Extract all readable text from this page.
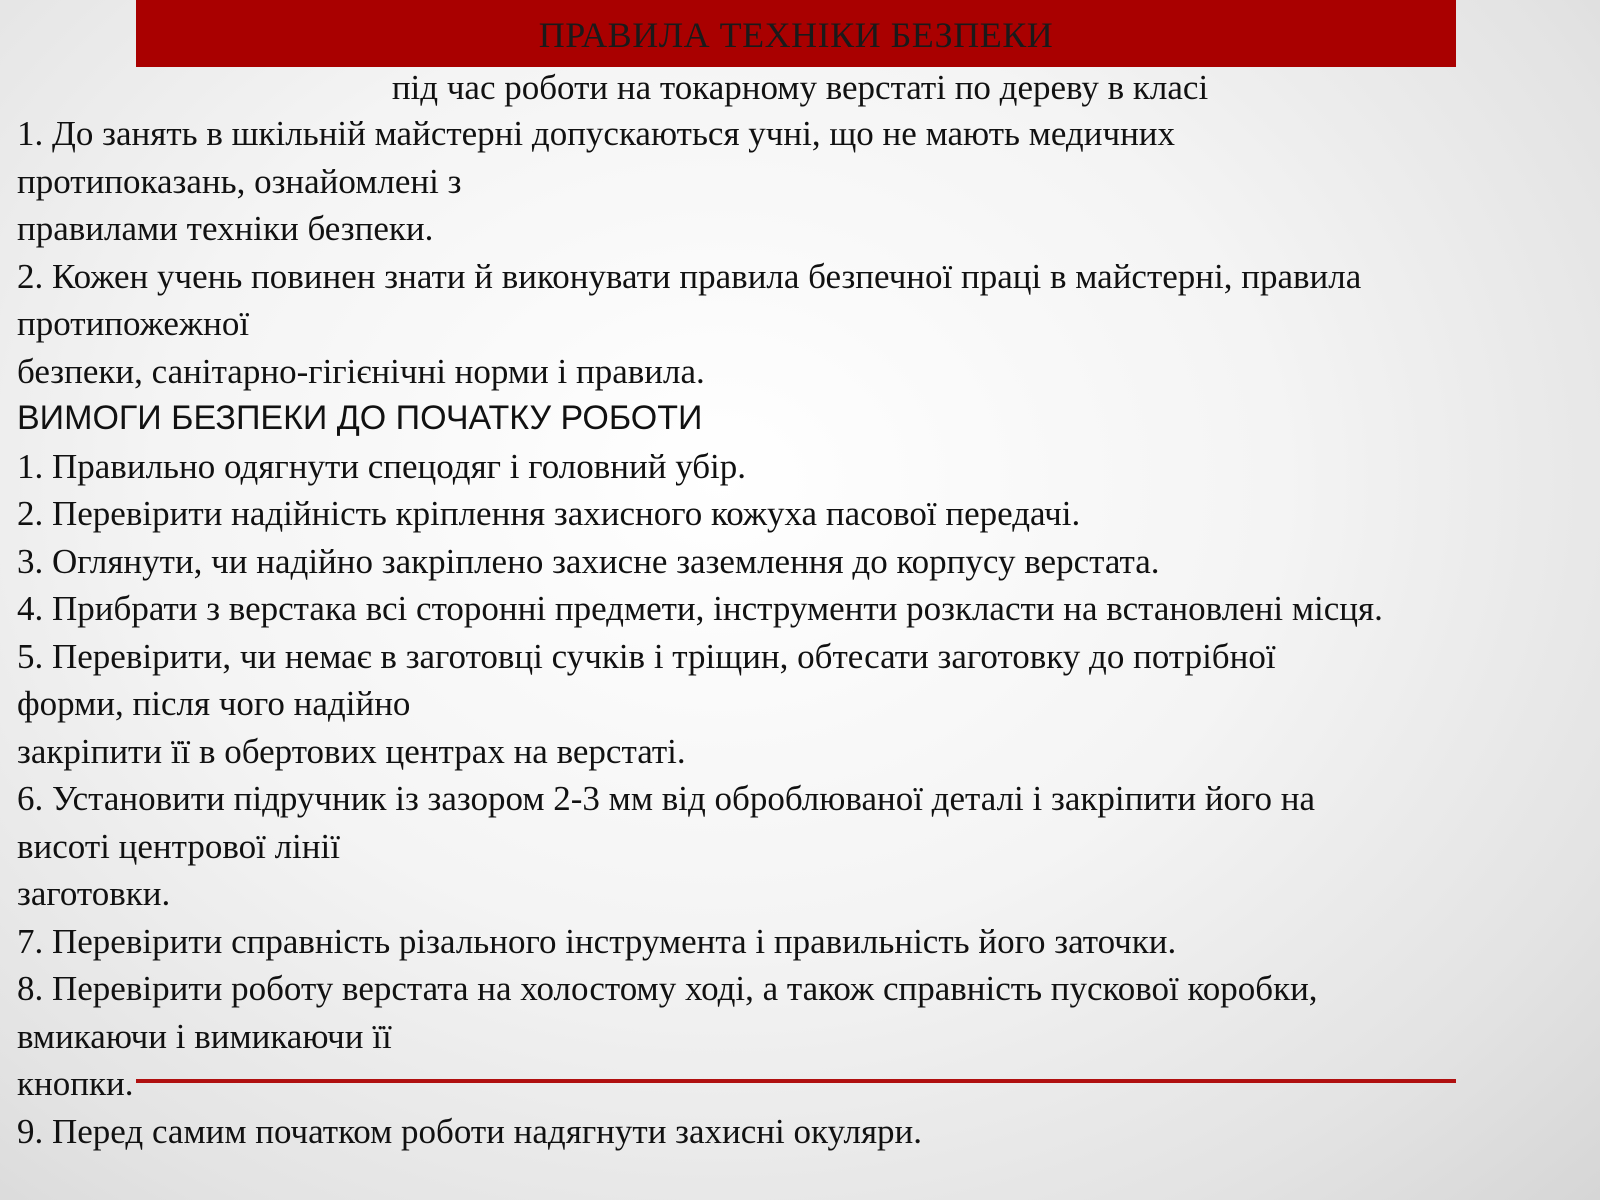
ПРАВИЛА ТЕХНІКИ БЕЗПЕКИ
під час роботи на токарному верстаті по дереву в класі
1. До занять в шкільній майстерні допускаються учні, що не мають медичних
протипоказань, ознайомлені з
правилами техніки безпеки.
2. Кожен учень повинен знати й виконувати правила безпечної праці в майстерні, правила
протипожежної
безпеки, санітарно-гігієнічні норми і правила.
ВИМОГИ БЕЗПЕКИ ДО ПОЧАТКУ РОБОТИ
1. Правильно одягнути спецодяг і головний убір.
2. Перевірити надійність кріплення захисного кожуха пасової передачі.
3. Оглянути, чи надійно закріплено захисне заземлення до корпусу верстата.
4. Прибрати з верстака всі сторонні предмети, інструменти розкласти на встановлені місця.
5. Перевірити, чи немає в заготовці сучків і тріщин, обтесати заготовку до потрібної
форми, після чого надійно
закріпити її в обертових центрах на верстаті.
6. Установити підручник із зазором 2-3 мм від оброблюваної деталі і закріпити його на
висоті центрової лінії
заготовки.
7. Перевірити справність різального інструмента і правильність його заточки.
8. Перевірити роботу верстата на холостому ході, а також справність пускової коробки,
вмикаючи і вимикаючи її
кнопки.
9. Перед самим початком роботи надягнути захисні окуляри.
